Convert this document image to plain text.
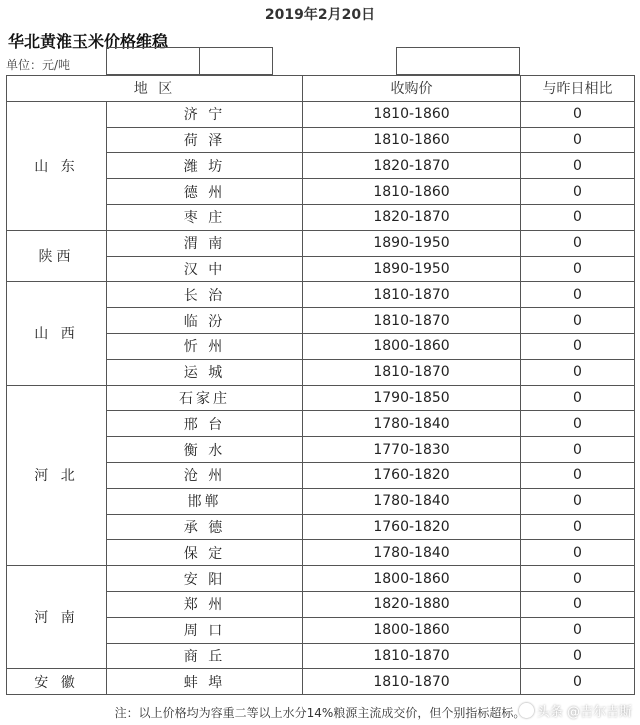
2019年2月20日
华北黄淮玉米价格维稳
单位：元/吨
地 区		收购价	与昨日相比
山 东	济 宁	1810-1860	0
	荷 泽	1810-1860	0
	潍 坊	1820-1870	0
	德 州	1810-1860	0
	枣 庄	1820-1870	0
陕西	渭 南	1890-1950	0
	汉 中	1890-1950	0
山 西	长 治	1810-1870	0
	临 汾	1810-1870	0
	忻 州	1800-1860	0
	运 城	1810-1870	0
河 北	石家庄	1790-1850	0
	邢 台	1780-1840	0
	衡 水	1770-1830	0
	沧 州	1760-1820	0
	邯郸	1780-1840	0
	承 德	1760-1820	0
	保 定	1780-1840	0
河 南	安 阳	1800-1860	0
	郑 州	1820-1880	0
	周 口	1800-1860	0
	商 丘	1810-1870	0
安 徽	蚌 埠	1810-1870	0
注：以上价格均为容重二等以上水分14%粮源主流成交价，但个别指标超标。 头条 @吉尔吉斯
